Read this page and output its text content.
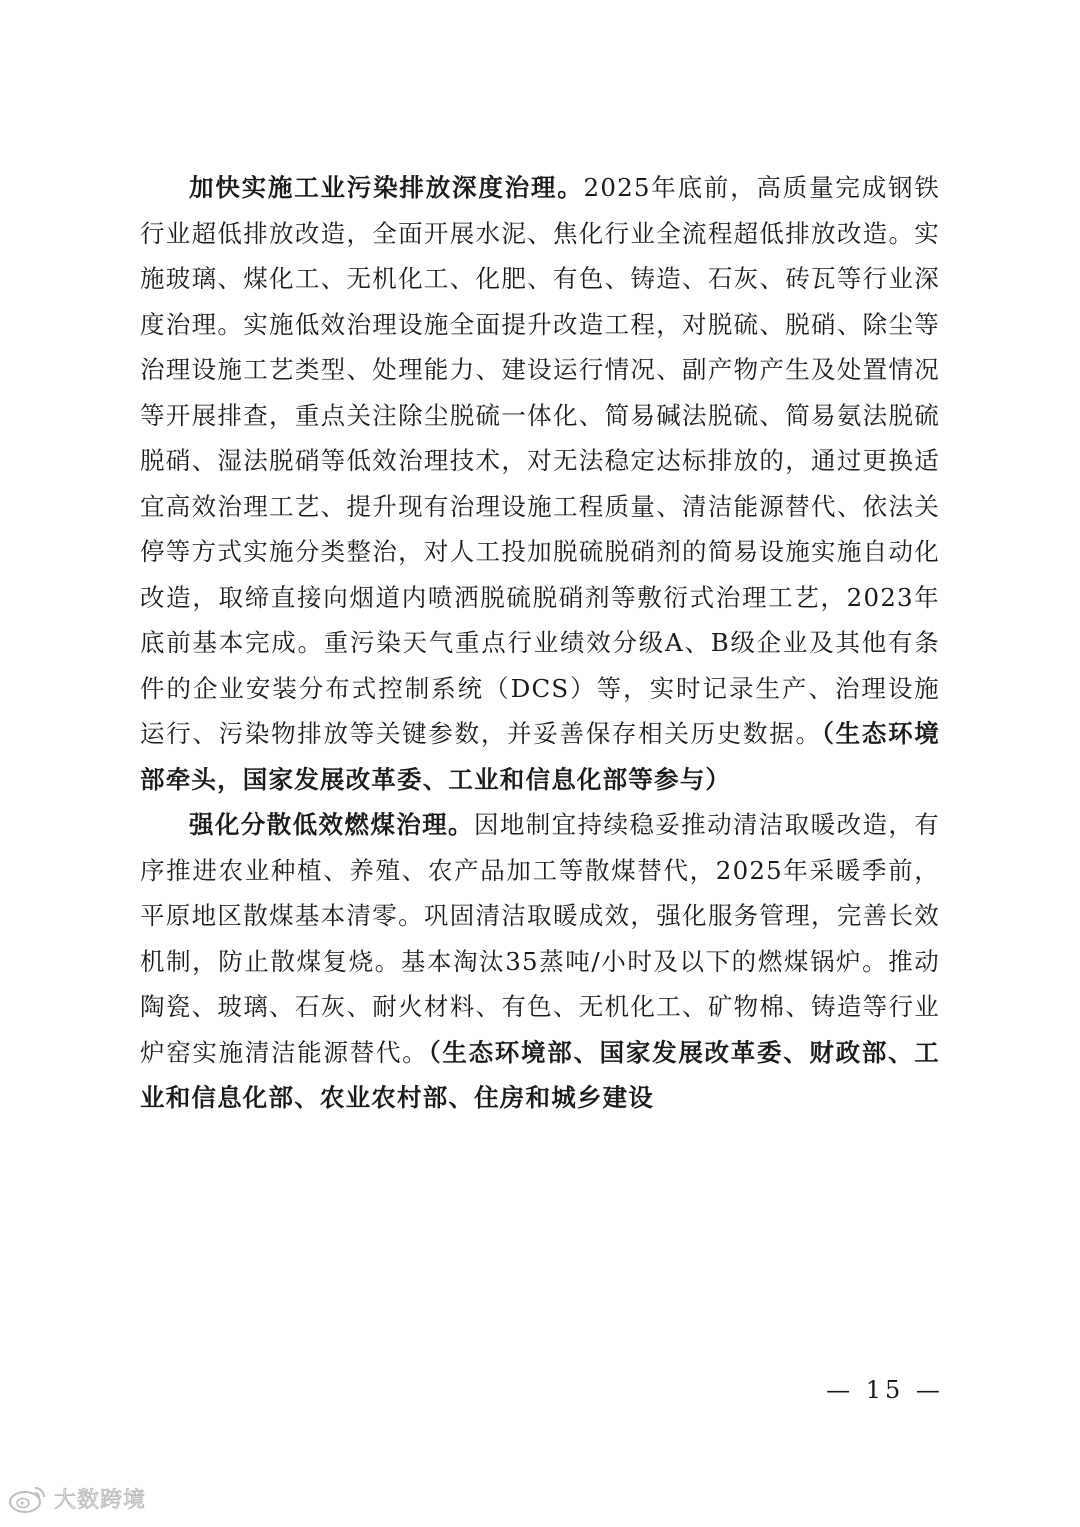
加快实施工业污染排放深度治理。2025年底前，高质量完成钢铁行业超低排放改造，全面开展水泥、焦化行业全流程超低排放改造。实施玻璃、煤化工、无机化工、化肥、有色、铸造、石灰、砖瓦等行业深度治理。实施低效治理设施全面提升改造工程，对脱硫、脱硝、除尘等治理设施工艺类型、处理能力、建设运行情况、副产物产生及处置情况等开展排查，重点关注除尘脱硫一体化、简易碱法脱硫、简易氨法脱硫脱硝、湿法脱硝等低效治理技术，对无法稳定达标排放的，通过更换适宜高效治理工艺、提升现有治理设施工程质量、清洁能源替代、依法关停等方式实施分类整治，对人工投加脱硫脱硝剂的简易设施实施自动化改造，取缔直接向烟道内喷洒脱硫脱硝剂等敷衍式治理工艺，2023年底前基本完成。重污染天气重点行业绩效分级A、B级企业及其他有条件的企业安装分布式控制系统（DCS）等，实时记录生产、治理设施运行、污染物排放等关键参数，并妥善保存相关历史数据。（生态环境部牵头，国家发展改革委、工业和信息化部等参与）

强化分散低效燃煤治理。因地制宜持续稳妥推动清洁取暖改造，有序推进农业种植、养殖、农产品加工等散煤替代，2025年采暖季前，平原地区散煤基本清零。巩固清洁取暖成效，强化服务管理，完善长效机制，防止散煤复烧。基本淘汰35蒸吨/小时及以下的燃煤锅炉。推动陶瓷、玻璃、石灰、耐火材料、有色、无机化工、矿物棉、铸造等行业炉窑实施清洁能源替代。（生态环境部、国家发展改革委、财政部、工业和信息化部、农业农村部、住房和城乡建设

— 15 —
大数跨境
